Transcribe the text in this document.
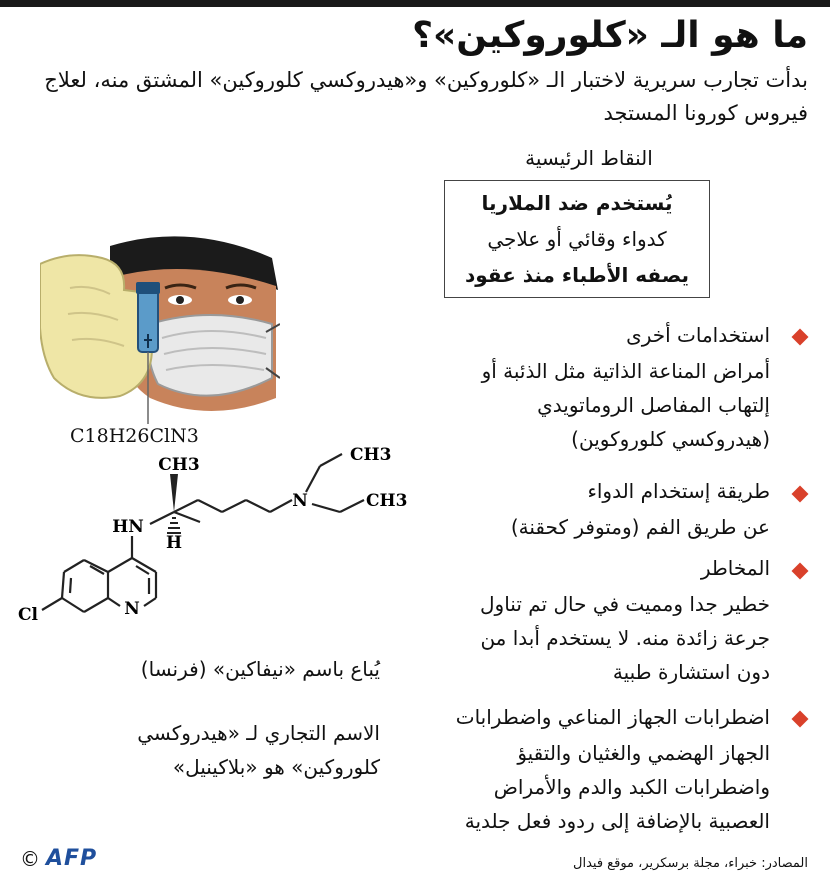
ما هو الـ «كلوروكين»؟
بدأت تجارب سريرية لاختبار الـ «كلوروكين» و«هيدروكسي كلوروكين» المشتق منه، لعلاج فيروس كورونا المستجد
النقاط الرئيسية
يُستخدم ضد الملاريا
كدواء وقائي أو علاجي
يصفه الأطباء منذ عقود
استخدامات أخرى
أمراض المناعة الذاتية مثل الذئبة أو
إلتهاب المفاصل الروماتويدي
(هيدروكسي كلوروكوين)
طريقة إستخدام الدواء
عن طريق الفم (ومتوفر كحقنة)
المخاطر
خطير جدا ومميت في حال تم تناول
جرعة زائدة منه. لا يستخدم أبدا من
دون استشارة طبية
اضطرابات الجهاز المناعي واضطرابات
الجهاز الهضمي والغثيان والتقيؤ
واضطرابات الكبد والدم والأمراض
العصبية بالإضافة إلى ردود فعل جلدية
C18H26ClN3
CH3	CH3
CH3
HN
H
N
N
Cl
يُباع باسم «نيفاكين» (فرنسا)
الاسم التجاري لـ «هيدروكسي
كلوروكين» هو «بلاكينيل»
المصادر: خبراء، مجلة برسكرير، موقع فيدال
© AFP
